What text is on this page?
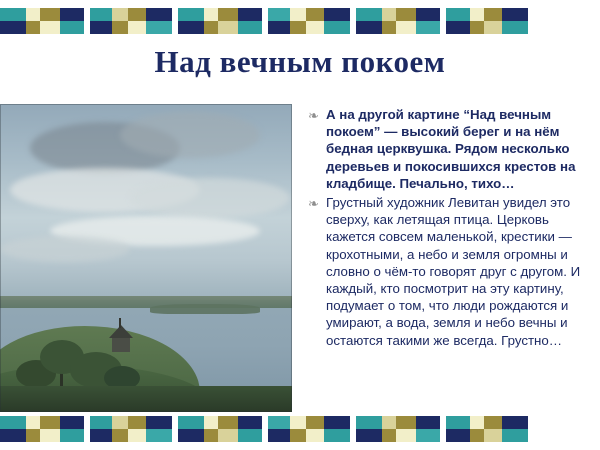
Над вечным покоем
❧ А на другой картине “Над вечным покоем” — высокий берег и на нём бедная церквушка. Рядом несколько деревьев и покосившихся крестов на кладбище. Печально, тихо…
❧ Грустный художник Левитан увидел это сверху, как летящая птица. Церковь кажется совсем маленькой, крестики — крохотными, а небо и земля огромны и словно о чём-то говорят друг с другом. И каждый, кто посмотрит на эту картину, подумает о том, что люди рождаются и умирают, а вода, земля и небо вечны и остаются такими же всегда. Грустно…
